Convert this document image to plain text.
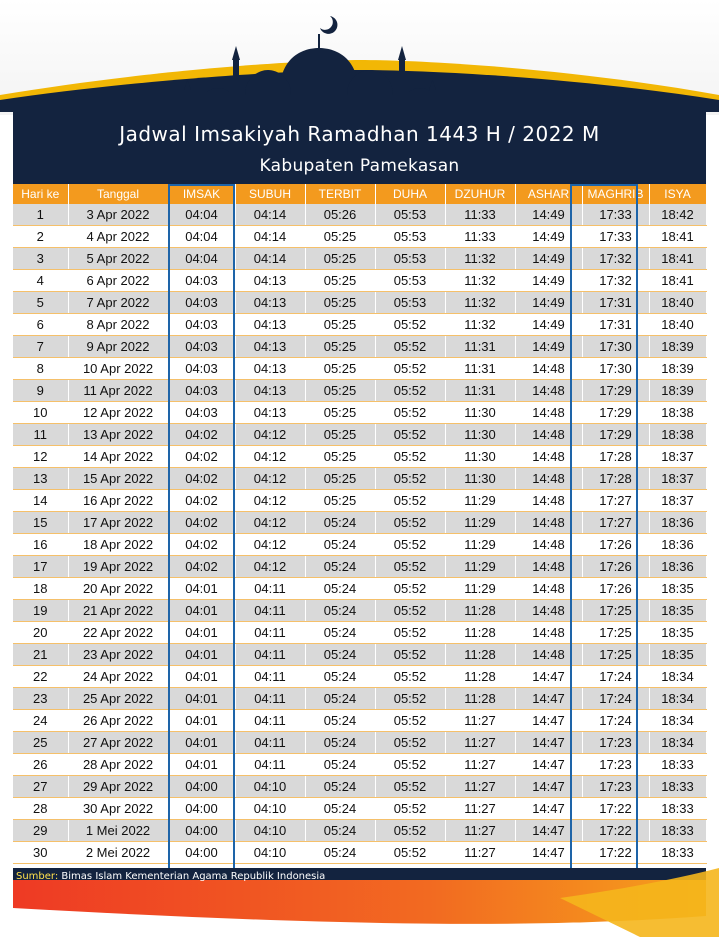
Jadwal Imsakiyah Ramadhan 1443 H / 2022 M
Kabupaten Pamekasan
Hari ke	Tanggal	IMSAK	SUBUH	TERBIT	DUHA	DZUHUR	ASHAR	MAGHRIB	ISYA
1	3 Apr 2022	04:04	04:14	05:26	05:53	11:33	14:49	17:33	18:42
2	4 Apr 2022	04:04	04:14	05:25	05:53	11:33	14:49	17:33	18:41
3	5 Apr 2022	04:04	04:14	05:25	05:53	11:32	14:49	17:32	18:41
4	6 Apr 2022	04:03	04:13	05:25	05:53	11:32	14:49	17:32	18:41
5	7 Apr 2022	04:03	04:13	05:25	05:53	11:32	14:49	17:31	18:40
6	8 Apr 2022	04:03	04:13	05:25	05:52	11:32	14:49	17:31	18:40
7	9 Apr 2022	04:03	04:13	05:25	05:52	11:31	14:49	17:30	18:39
8	10 Apr 2022	04:03	04:13	05:25	05:52	11:31	14:48	17:30	18:39
9	11 Apr 2022	04:03	04:13	05:25	05:52	11:31	14:48	17:29	18:39
10	12 Apr 2022	04:03	04:13	05:25	05:52	11:30	14:48	17:29	18:38
11	13 Apr 2022	04:02	04:12	05:25	05:52	11:30	14:48	17:29	18:38
12	14 Apr 2022	04:02	04:12	05:25	05:52	11:30	14:48	17:28	18:37
13	15 Apr 2022	04:02	04:12	05:25	05:52	11:30	14:48	17:28	18:37
14	16 Apr 2022	04:02	04:12	05:25	05:52	11:29	14:48	17:27	18:37
15	17 Apr 2022	04:02	04:12	05:24	05:52	11:29	14:48	17:27	18:36
16	18 Apr 2022	04:02	04:12	05:24	05:52	11:29	14:48	17:26	18:36
17	19 Apr 2022	04:02	04:12	05:24	05:52	11:29	14:48	17:26	18:36
18	20 Apr 2022	04:01	04:11	05:24	05:52	11:29	14:48	17:26	18:35
19	21 Apr 2022	04:01	04:11	05:24	05:52	11:28	14:48	17:25	18:35
20	22 Apr 2022	04:01	04:11	05:24	05:52	11:28	14:48	17:25	18:35
21	23 Apr 2022	04:01	04:11	05:24	05:52	11:28	14:48	17:25	18:35
22	24 Apr 2022	04:01	04:11	05:24	05:52	11:28	14:47	17:24	18:34
23	25 Apr 2022	04:01	04:11	05:24	05:52	11:28	14:47	17:24	18:34
24	26 Apr 2022	04:01	04:11	05:24	05:52	11:27	14:47	17:24	18:34
25	27 Apr 2022	04:01	04:11	05:24	05:52	11:27	14:47	17:23	18:34
26	28 Apr 2022	04:01	04:11	05:24	05:52	11:27	14:47	17:23	18:33
27	29 Apr 2022	04:00	04:10	05:24	05:52	11:27	14:47	17:23	18:33
28	30 Apr 2022	04:00	04:10	05:24	05:52	11:27	14:47	17:22	18:33
29	1 Mei 2022	04:00	04:10	05:24	05:52	11:27	14:47	17:22	18:33
30	2 Mei 2022	04:00	04:10	05:24	05:52	11:27	14:47	17:22	18:33
Sumber: Bimas Islam Kementerian Agama Republik Indonesia
